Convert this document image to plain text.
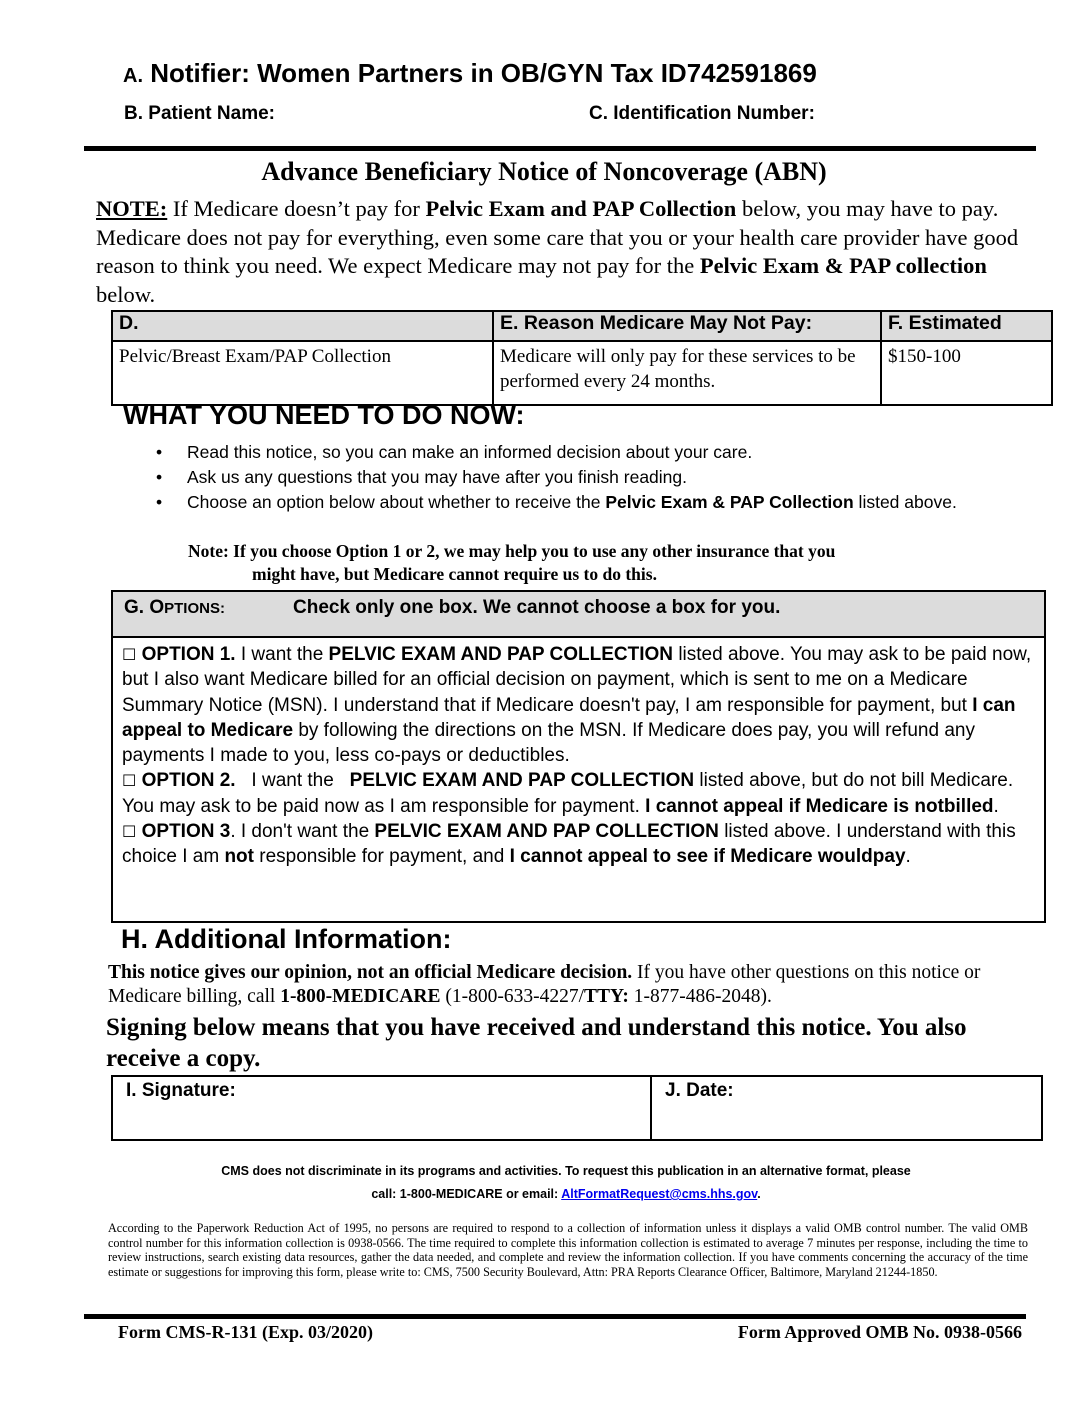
A. Notifier: Women Partners in OB/GYN Tax ID742591869
B. Patient Name:	C. Identification Number:
Advance Beneficiary Notice of Noncoverage (ABN)
NOTE: If Medicare doesn’t pay for Pelvic Exam and PAP Collection below, you may have to pay. Medicare does not pay for everything, even some care that you or your health care provider have good reason to think you need. We expect Medicare may not pay for the Pelvic Exam & PAP collection below.
D.	E. Reason Medicare May Not Pay:	F. Estimated
Pelvic/Breast Exam/PAP Collection	Medicare will only pay for these services to be performed every 24 months.	$150-100
WHAT YOU NEED TO DO NOW:
• Read this notice, so you can make an informed decision about your care.
• Ask us any questions that you may have after you finish reading.
• Choose an option below about whether to receive the Pelvic Exam & PAP Collection listed above.
Note: If you choose Option 1 or 2, we may help you to use any other insurance that you
might have, but Medicare cannot require us to do this.
G. OPTIONS:	Check only one box. We cannot choose a box for you.
☐ OPTION 1. I want the PELVIC EXAM AND PAP COLLECTION listed above. You may ask to be paid now, but I also want Medicare billed for an official decision on payment, which is sent to me on a Medicare Summary Notice (MSN). I understand that if Medicare doesn't pay, I am responsible for payment, but I can appeal to Medicare by following the directions on the MSN. If Medicare does pay, you will refund any payments I made to you, less co-pays or deductibles.
☐ OPTION 2.   I want the   PELVIC EXAM AND PAP COLLECTION listed above, but do not bill Medicare. You may ask to be paid now as I am responsible for payment. I cannot appeal if Medicare is notbilled.
☐ OPTION 3. I don't want the PELVIC EXAM AND PAP COLLECTION listed above. I understand with this choice I am not responsible for payment, and I cannot appeal to see if Medicare wouldpay.
H. Additional Information:
This notice gives our opinion, not an official Medicare decision. If you have other questions on this notice or Medicare billing, call 1-800-MEDICARE (1-800-633-4227/TTY: 1-877-486-2048).
Signing below means that you have received and understand this notice. You also receive a copy.
I. Signature:	J. Date:
CMS does not discriminate in its programs and activities. To request this publication in an alternative format, please
call: 1-800-MEDICARE or email: AltFormatRequest@cms.hhs.gov.
According to the Paperwork Reduction Act of 1995, no persons are required to respond to a collection of information unless it displays a valid OMB control number. The valid OMB control number for this information collection is 0938-0566. The time required to complete this information collection is estimated to average 7 minutes per response, including the time to review instructions, search existing data resources, gather the data needed, and complete and review the information collection. If you have comments concerning the accuracy of the time estimate or suggestions for improving this form, please write to: CMS, 7500 Security Boulevard, Attn: PRA Reports Clearance Officer, Baltimore, Maryland 21244-1850.
Form CMS-R-131 (Exp. 03/2020)	Form Approved OMB No. 0938-0566
